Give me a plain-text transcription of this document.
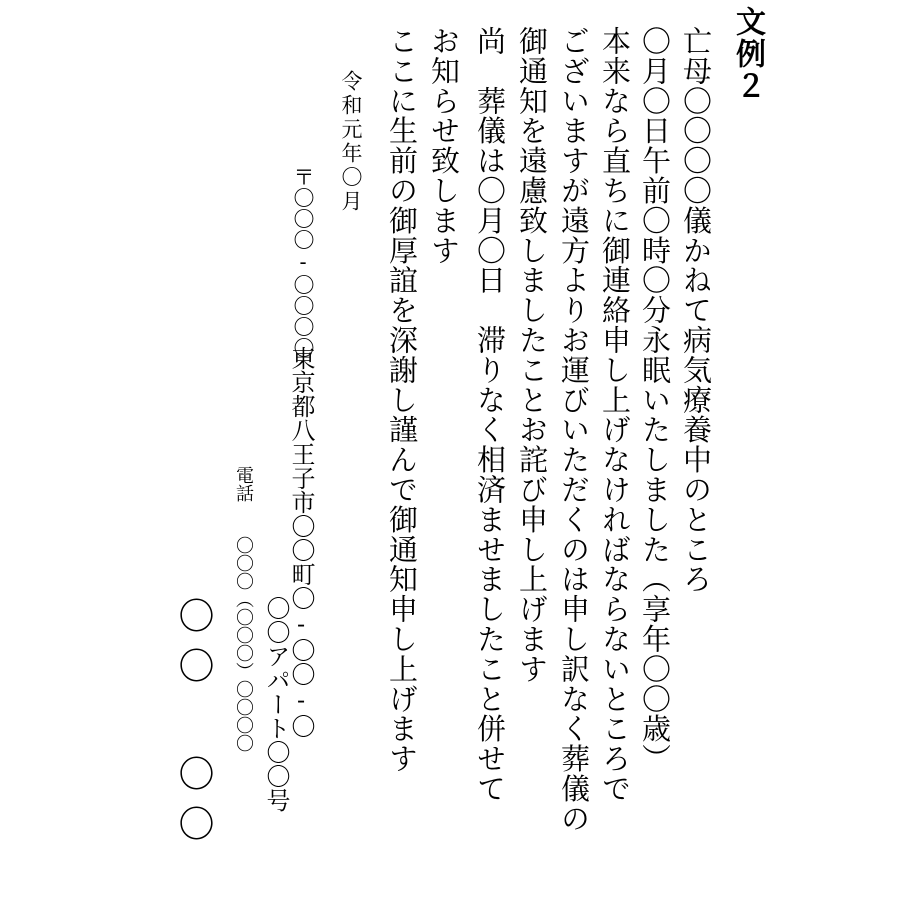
文例２
亡母〇〇〇〇儀かねて病気療養中のところ
〇月〇日午前〇時〇分永眠いたしました（享年〇〇歳）
本来なら直ちに御連絡申し上げなければならないところで
ございますが遠方よりお運びいただくのは申し訳なく葬儀の
御通知を遠慮致しましたことお詫び申し上げます
尚　葬儀は〇月〇日　滞りなく相済ませましたこと併せて
お知らせ致します
ここに生前の御厚誼を深謝し謹んで御通知申し上げます
令和元年〇月
〒〇〇〇‐〇〇〇〇
東京都八王子市〇〇町〇‐〇〇‐〇
〇〇アパート〇〇号
電話
〇〇〇（〇〇〇）〇〇〇〇
〇〇〇〇
